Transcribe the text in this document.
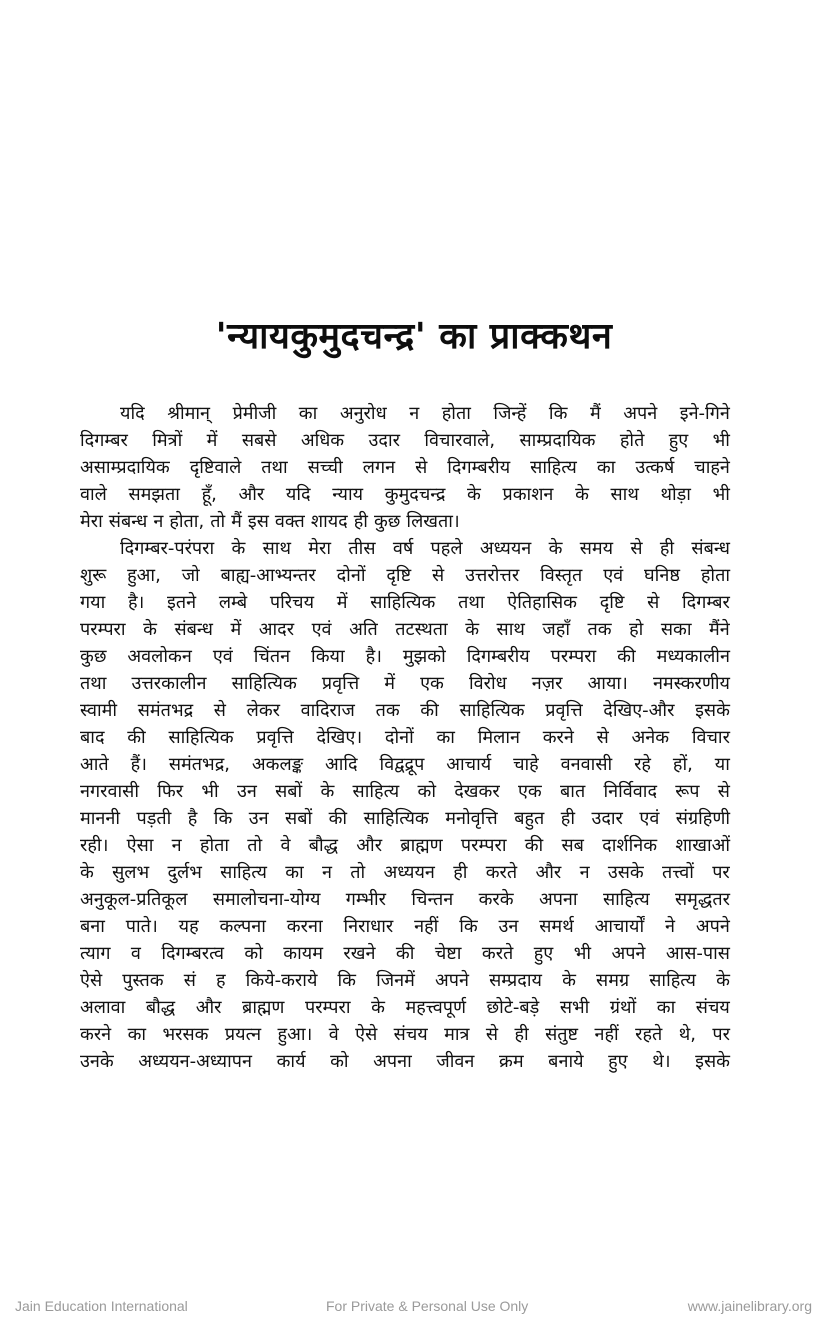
'न्यायकुमुदचन्द्र' का प्राक्कथन
यदि श्रीमान् प्रेमीजी का अनुरोध न होता जिन्हें कि मैं अपने इने-गिने
दिगम्बर मित्रों में सबसे अधिक उदार विचारवाले, साम्प्रदायिक होते हुए भी
असाम्प्रदायिक दृष्टिवाले तथा सच्ची लगन से दिगम्बरीय साहित्य का उत्कर्ष चाहने
वाले समझता हूँ, और यदि न्याय कुमुदचन्द्र के प्रकाशन के साथ थोड़ा भी
मेरा संबन्ध न होता, तो मैं इस वक्त शायद ही कुछ लिखता।
दिगम्बर-परंपरा के साथ मेरा तीस वर्ष पहले अध्ययन के समय से ही संबन्ध
शुरू हुआ, जो बाह्य-आभ्यन्तर दोनों दृष्टि से उत्तरोत्तर विस्तृत एवं घनिष्ठ होता
गया है। इतने लम्बे परिचय में साहित्यिक तथा ऐतिहासिक दृष्टि से दिगम्बर
परम्परा के संबन्ध में आदर एवं अति तटस्थता के साथ जहाँ तक हो सका मैंने
कुछ अवलोकन एवं चिंतन किया है। मुझको दिगम्बरीय परम्परा की मध्यकालीन
तथा उत्तरकालीन साहित्यिक प्रवृत्ति में एक विरोध नज़र आया। नमस्करणीय
स्वामी समंतभद्र से लेकर वादिराज तक की साहित्यिक प्रवृत्ति देखिए-और इसके
बाद की साहित्यिक प्रवृत्ति देखिए। दोनों का मिलान करने से अनेक विचार
आते हैं। समंतभद्र, अकलङ्क आदि विद्वद्रूप आचार्य चाहे वनवासी रहे हों, या
नगरवासी फिर भी उन सबों के साहित्य को देखकर एक बात निर्विवाद रूप से
माननी पड़ती है कि उन सबों की साहित्यिक मनोवृत्ति बहुत ही उदार एवं संग्रहिणी
रही। ऐसा न होता तो वे बौद्ध और ब्राह्मण परम्परा की सब दार्शनिक शाखाओं
के सुलभ दुर्लभ साहित्य का न तो अध्ययन ही करते और न उसके तत्त्वों पर
अनुकूल-प्रतिकूल समालोचना-योग्य गम्भीर चिन्तन करके अपना साहित्य समृद्धतर
बना पाते। यह कल्पना करना निराधार नहीं कि उन समर्थ आचार्यों ने अपने
त्याग व दिगम्बरत्व को कायम रखने की चेष्टा करते हुए भी अपने आस-पास
ऐसे पुस्तक सं ह किये-कराये कि जिनमें अपने सम्प्रदाय के समग्र साहित्य के
अलावा बौद्ध और ब्राह्मण परम्परा के महत्त्वपूर्ण छोटे-बड़े सभी ग्रंथों का संचय
करने का भरसक प्रयत्न हुआ। वे ऐसे संचय मात्र से ही संतुष्ट नहीं रहते थे, पर
उनके अध्ययन-अध्यापन कार्य को अपना जीवन क्रम बनाये हुए थे। इसके
Jain Education International	For Private & Personal Use Only	www.jainelibrary.org
